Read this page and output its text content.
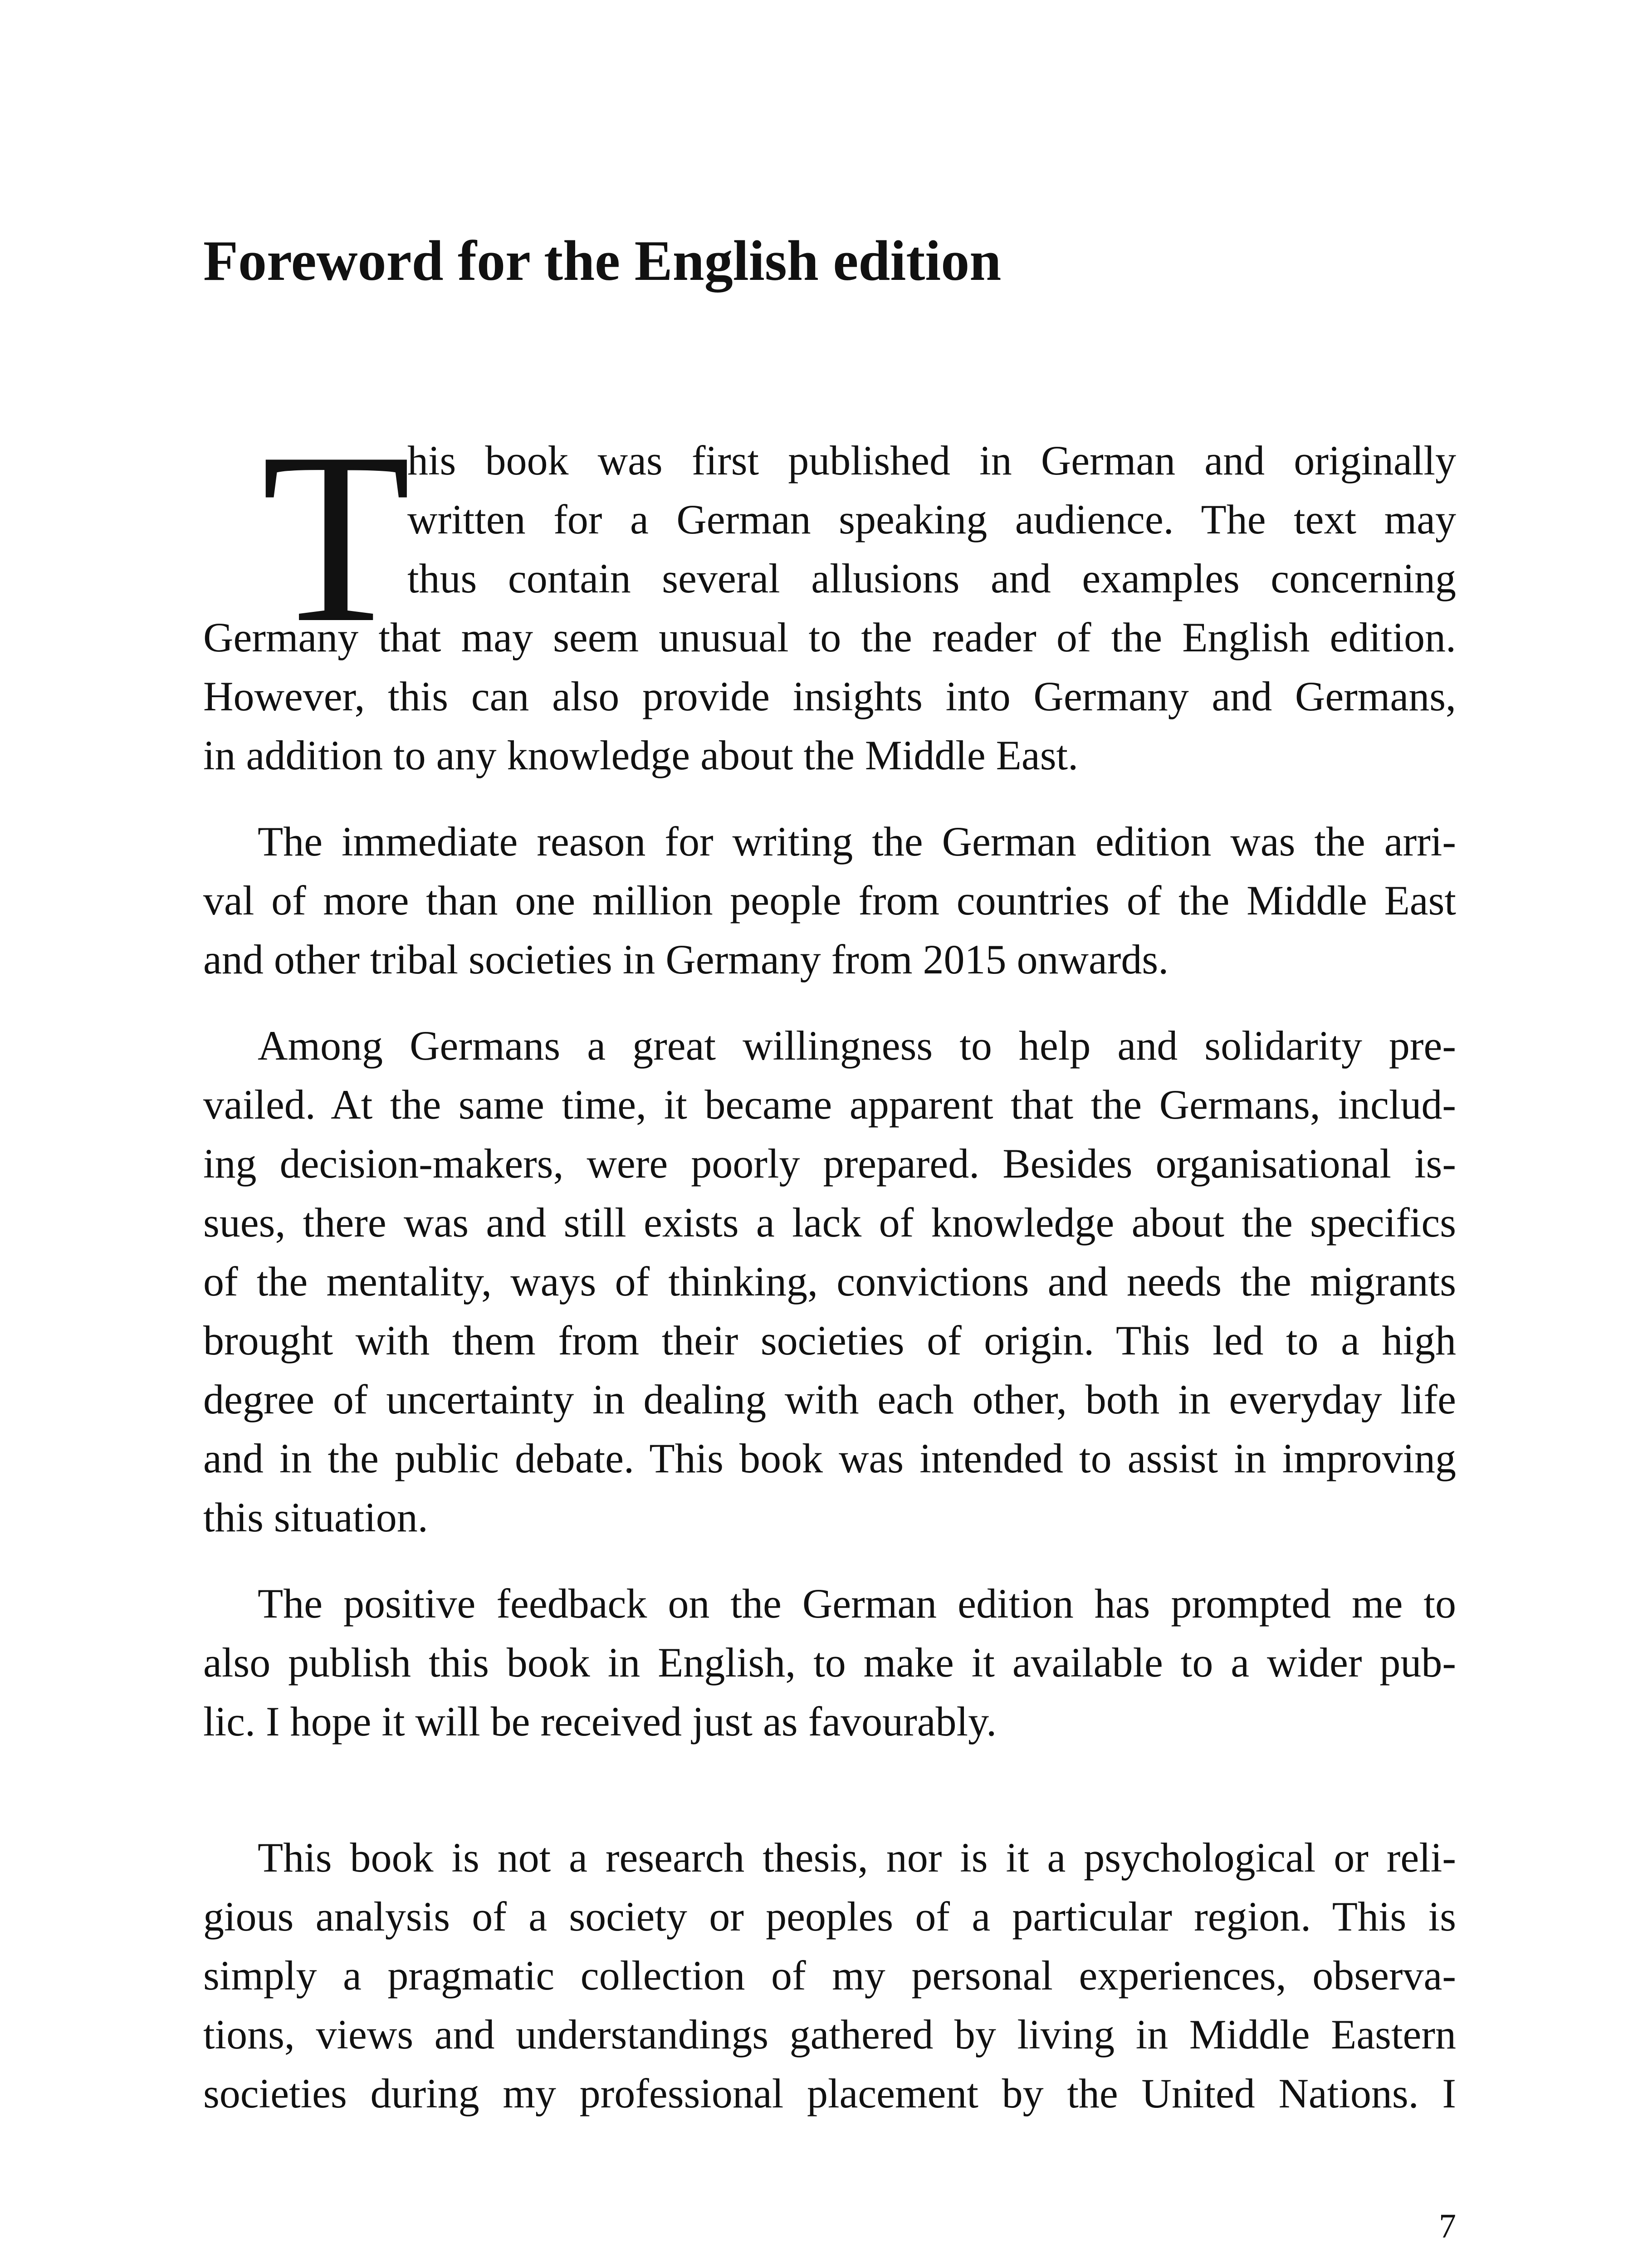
Foreword for the English edition
T

his book was first published in German and originally

written for a German speaking audience. The text may

thus contain several allusions and examples concerning

Germany that may seem unusual to the reader of the English edition.

However, this can also provide insights into Germany and Germans,

in addition to any knowledge about the Middle East.

The immediate reason for writing the German edition was the arri-

val of more than one million people from countries of the Middle East

and other tribal societies in Germany from 2015 onwards.

Among Germans a great willingness to help and solidarity pre-

vailed. At the same time, it became apparent that the Germans, includ-

ing decision-makers, were poorly prepared. Besides organisational is-

sues, there was and still exists a lack of knowledge about the specifics

of the mentality, ways of thinking, convictions and needs the migrants

brought with them from their societies of origin. This led to a high

degree of uncertainty in dealing with each other, both in everyday life

and in the public debate. This book was intended to assist in improving

this situation.

The positive feedback on the German edition has prompted me to

also publish this book in English, to make it available to a wider pub-

lic. I hope it will be received just as favourably.

This book is not a research thesis, nor is it a psychological or reli-

gious analysis of a society or peoples of a particular region. This is

simply a pragmatic collection of my personal experiences, observa-

tions, views and understandings gathered by living in Middle Eastern

societies during my professional placement by the United Nations. I

7
